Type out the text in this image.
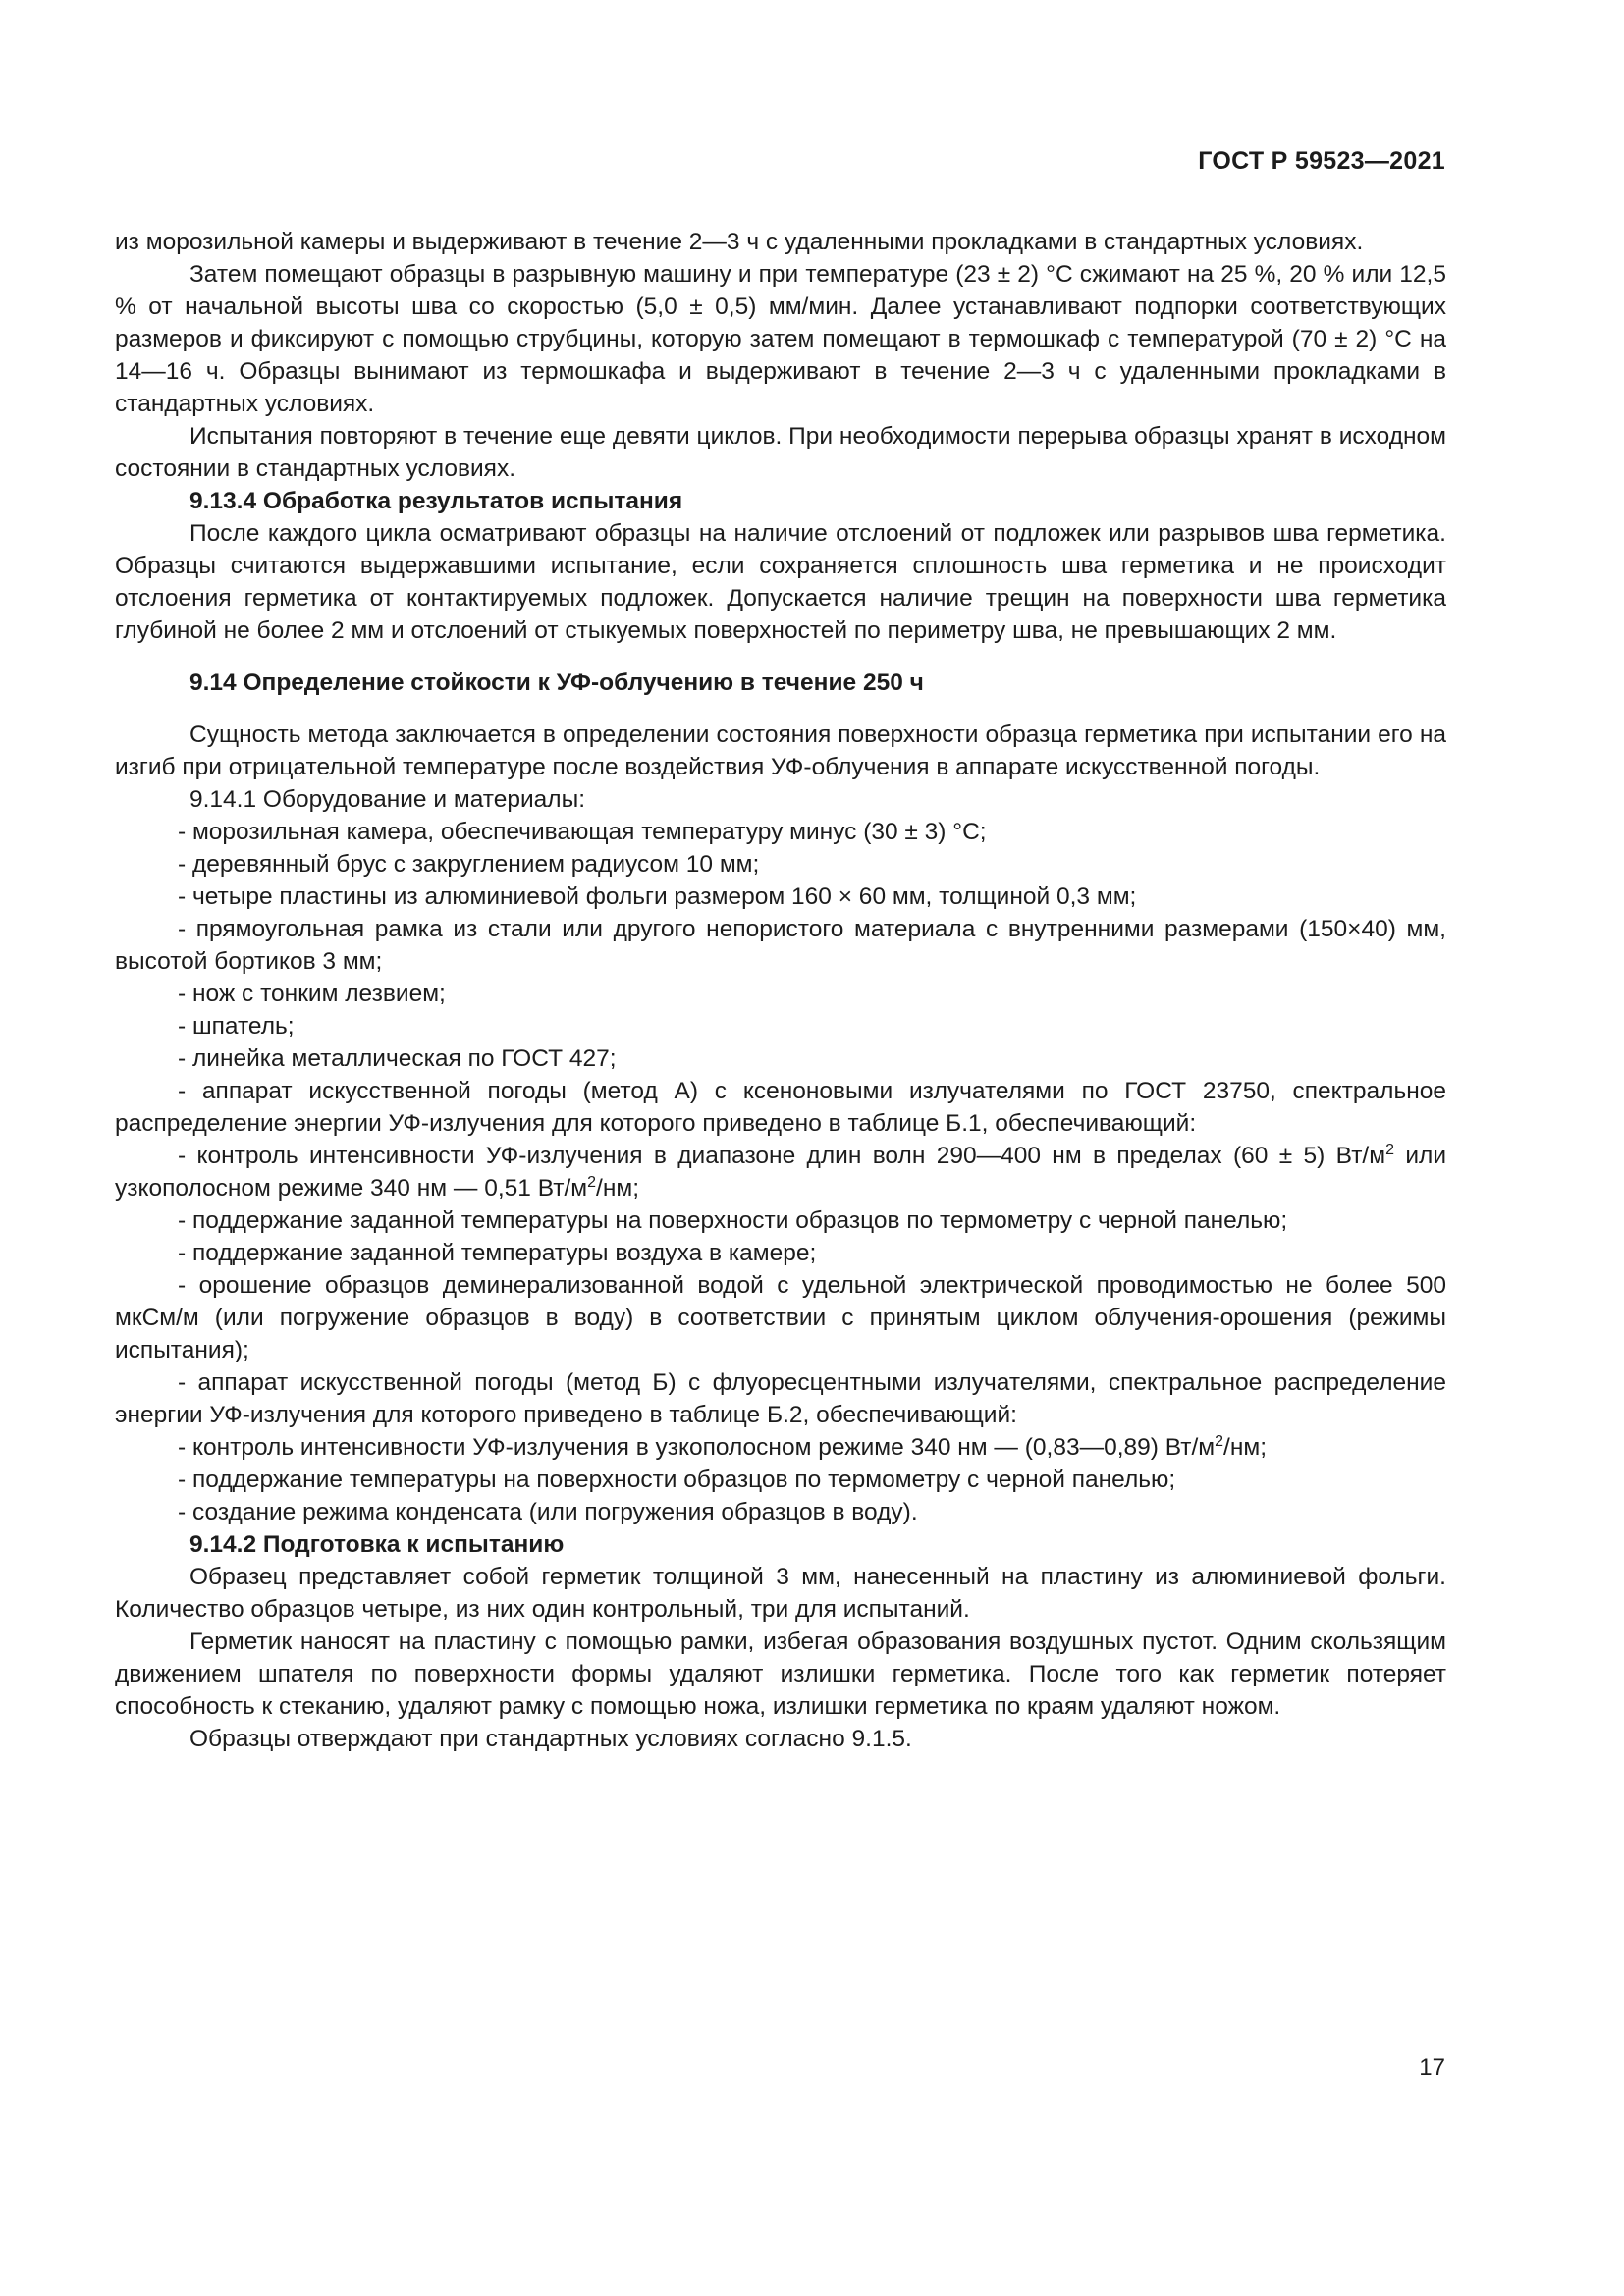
ГОСТ Р 59523—2021

из морозильной камеры и выдерживают в течение 2—3 ч с удаленными прокладками в стандартных условиях.

Затем помещают образцы в разрывную машину и при температуре (23 ± 2) °С сжимают на 25 %, 20 % или 12,5 % от начальной высоты шва со скоростью (5,0 ± 0,5) мм/мин. Далее устанавливают подпорки соответствующих размеров и фиксируют с помощью струбцины, которую затем помещают в термошкаф с температурой (70 ± 2) °С на 14—16 ч. Образцы вынимают из термошкафа и выдерживают в течение 2—3 ч с удаленными прокладками в стандартных условиях.

Испытания повторяют в течение еще девяти циклов. При необходимости перерыва образцы хранят в исходном состоянии в стандартных условиях.

9.13.4 Обработка результатов испытания

После каждого цикла осматривают образцы на наличие отслоений от подложек или разрывов шва герметика. Образцы считаются выдержавшими испытание, если сохраняется сплошность шва герметика и не происходит отслоения герметика от контактируемых подложек. Допускается наличие трещин на поверхности шва герметика глубиной не более 2 мм и отслоений от стыкуемых поверхностей по периметру шва, не превышающих 2 мм.

9.14 Определение стойкости к УФ-облучению в течение 250 ч

Сущность метода заключается в определении состояния поверхности образца герметика при испытании его на изгиб при отрицательной температуре после воздействия УФ-облучения в аппарате искусственной погоды.

9.14.1 Оборудование и материалы:

- морозильная камера, обеспечивающая температуру минус (30 ± 3) °С;

- деревянный брус с закруглением радиусом 10 мм;

- четыре пластины из алюминиевой фольги размером 160 × 60 мм, толщиной 0,3 мм;

- прямоугольная рамка из стали или другого непористого материала с внутренними размерами (150×40) мм, высотой бортиков 3 мм;

- нож с тонким лезвием;

- шпатель;

- линейка металлическая по ГОСТ 427;

- аппарат искусственной погоды (метод А) с ксеноновыми излучателями по ГОСТ 23750, спектральное распределение энергии УФ-излучения для которого приведено в таблице Б.1, обеспечивающий:

- контроль интенсивности УФ-излучения в диапазоне длин волн 290—400 нм в пределах (60 ± 5) $Вт/м^2$ или узкополосном режиме 340 нм — 0,51 $Вт/м^2/нм$;

- поддержание заданной температуры на поверхности образцов по термометру с черной панелью;

- поддержание заданной температуры воздуха в камере;

- орошение образцов деминерализованной водой с удельной электрической проводимостью не более 500 мкСм/м (или погружение образцов в воду) в соответствии с принятым циклом облучения-орошения (режимы испытания);

- аппарат искусственной погоды (метод Б) с флуоресцентными излучателями, спектральное распределение энергии УФ-излучения для которого приведено в таблице Б.2, обеспечивающий:

- контроль интенсивности УФ-излучения в узкополосном режиме 340 нм — (0,83—0,89) $Вт/м^2/нм$;

- поддержание температуры на поверхности образцов по термометру с черной панелью;

- создание режима конденсата (или погружения образцов в воду).

9.14.2 Подготовка к испытанию

Образец представляет собой герметик толщиной 3 мм, нанесенный на пластину из алюминиевой фольги. Количество образцов четыре, из них один контрольный, три для испытаний.

Герметик наносят на пластину с помощью рамки, избегая образования воздушных пустот. Одним скользящим движением шпателя по поверхности формы удаляют излишки герметика. После того как герметик потеряет способность к стеканию, удаляют рамку с помощью ножа, излишки герметика по краям удаляют ножом.

Образцы отверждают при стандартных условиях согласно 9.1.5.

17
